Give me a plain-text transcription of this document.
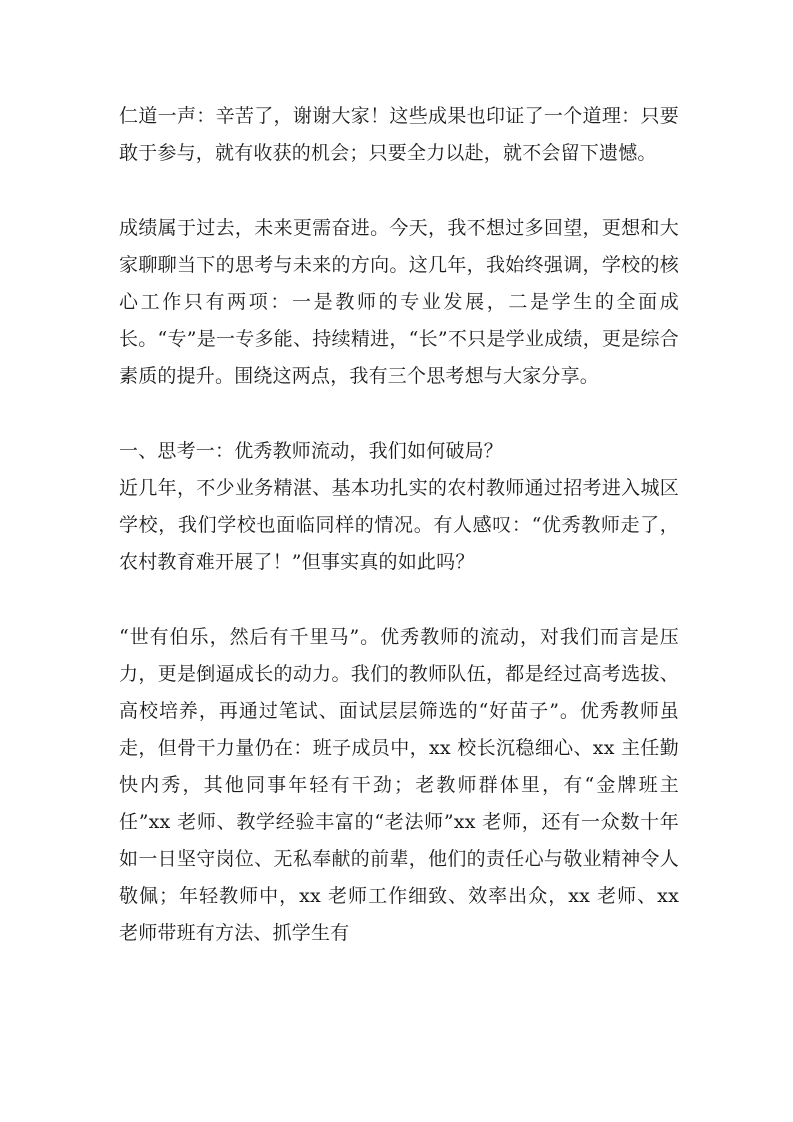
仁道一声：辛苦了，谢谢大家！这些成果也印证了一个道理：只要敢于参与，就有收获的机会；只要全力以赴，就不会留下遗憾。

成绩属于过去，未来更需奋进。今天，我不想过多回望，更想和大家聊聊当下的思考与未来的方向。这几年，我始终强调，学校的核心工作只有两项：一是教师的专业发展，二是学生的全面成长。“专”是一专多能、持续精进，“长”不只是学业成绩，更是综合素质的提升。围绕这两点，我有三个思考想与大家分享。

一、思考一：优秀教师流动，我们如何破局？

近几年，不少业务精湛、基本功扎实的农村教师通过招考进入城区学校，我们学校也面临同样的情况。有人感叹：“优秀教师走了，农村教育难开展了！”但事实真的如此吗？

“世有伯乐，然后有千里马”。优秀教师的流动，对我们而言是压力，更是倒逼成长的动力。我们的教师队伍，都是经过高考选拔、高校培养，再通过笔试、面试层层筛选的“好苗子”。优秀教师虽走，但骨干力量仍在：班子成员中，xx 校长沉稳细心、xx 主任勤快内秀，其他同事年轻有干劲；老教师群体里，有“金牌班主任”xx 老师、教学经验丰富的“老法师”xx 老师，还有一众数十年如一日坚守岗位、无私奉献的前辈，他们的责任心与敬业精神令人敬佩；年轻教师中，xx 老师工作细致、效率出众，xx 老师、xx 老师带班有方法、抓学生有
